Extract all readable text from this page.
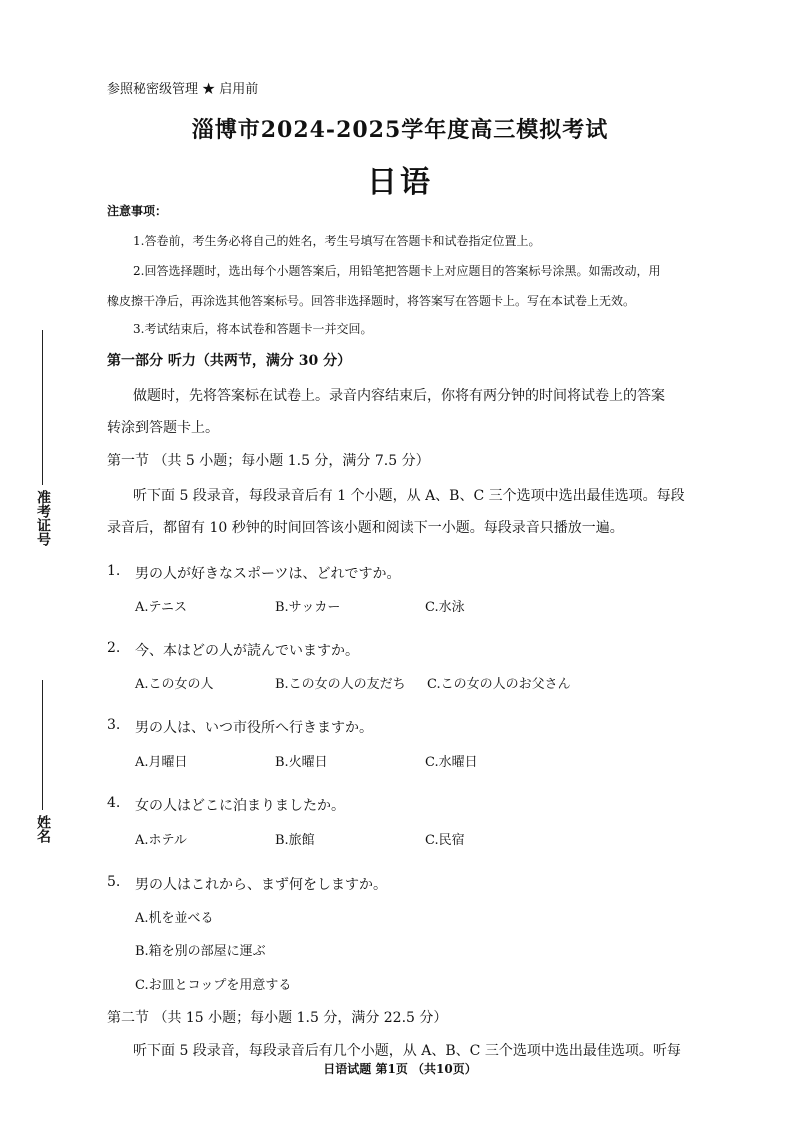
准考证号
姓名
参照秘密级管理 ★ 启用前
淄博市2024-2025学年度高三模拟考试
日语
注意事项：
1.答卷前，考生务必将自己的姓名，考生号填写在答题卡和试卷指定位置上。
2.回答选择题时，选出每个小题答案后，用铅笔把答题卡上对应题目的答案标号涂黑。如需改动，用
橡皮擦干净后，再涂选其他答案标号。回答非选择题时，将答案写在答题卡上。写在本试卷上无效。
3.考试结束后，将本试卷和答题卡一并交回。
第一部分 听力（共两节，满分 30 分）
做题时，先将答案标在试卷上。录音内容结束后，你将有两分钟的时间将试卷上的答案
转涂到答题卡上。
第一节 （共 5 小题；每小题 1.5 分，满分 7.5 分）
听下面 5 段录音，每段录音后有 1 个小题，从 A、B、C 三个选项中选出最佳选项。每段
录音后，都留有 10 秒钟的时间回答该小题和阅读下一小题。每段录音只播放一遍。
1. 男の人が好きなスポーツは、どれですか。
A.テニス	B.サッカー	C.水泳
2. 今、本はどの人が読んでいますか。
A.この女の人	B.この女の人の友だち C.この女の人のお父さん
3. 男の人は、いつ市役所へ行きますか。
A.月曜日	B.火曜日	C.水曜日
4. 女の人はどこに泊まりましたか。
A.ホテル	B.旅館	C.民宿
5. 男の人はこれから、まず何をしますか。
A.机を並べる
B.箱を別の部屋に運ぶ
C.お皿とコップを用意する
第二节 （共 15 小题；每小题 1.5 分，满分 22.5 分）
听下面 5 段录音，每段录音后有几个小题，从 A、B、C 三个选项中选出最佳选项。听每
日语试题 第1页 （共10页）
